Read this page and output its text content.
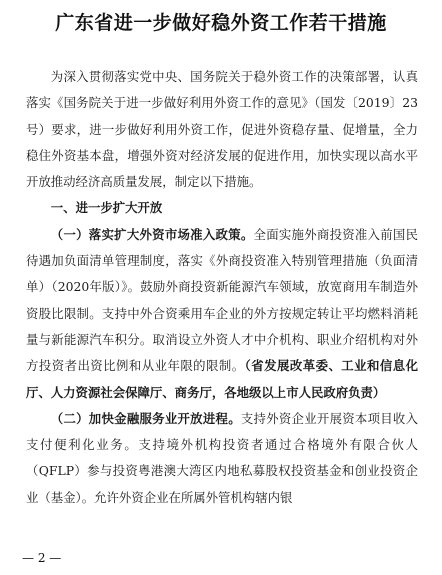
广东省进一步做好稳外资工作若干措施

为深入贯彻落实党中央、国务院关于稳外资工作的决策部署，认真落实《国务院关于进一步做好利用外资工作的意见》（国发〔2019〕23号）要求，进一步做好利用外资工作，促进外资稳存量、促增量，全力稳住外资基本盘，增强外资对经济发展的促进作用，加快实现以高水平开放推动经济高质量发展，制定以下措施。

一、进一步扩大开放

（一）落实扩大外资市场准入政策。全面实施外商投资准入前国民待遇加负面清单管理制度，落实《外商投资准入特别管理措施（负面清单）（2020年版）》。鼓励外商投资新能源汽车领域，放宽商用车制造外资股比限制。支持中外合资乘用车企业的外方按规定转让平均燃料消耗量与新能源汽车积分。取消设立外资人才中介机构、职业介绍机构对外方投资者出资比例和从业年限的限制。（省发展改革委、工业和信息化厅、人力资源社会保障厅、商务厅，各地级以上市人民政府负责）

（二）加快金融服务业开放进程。支持外资企业开展资本项目收入支付便利化业务。支持境外机构投资者通过合格境外有限合伙人（QFLP）参与投资粤港澳大湾区内地私募股权投资基金和创业投资企业（基金）。允许外资企业在所属外管机构辖内银

— 2 —
